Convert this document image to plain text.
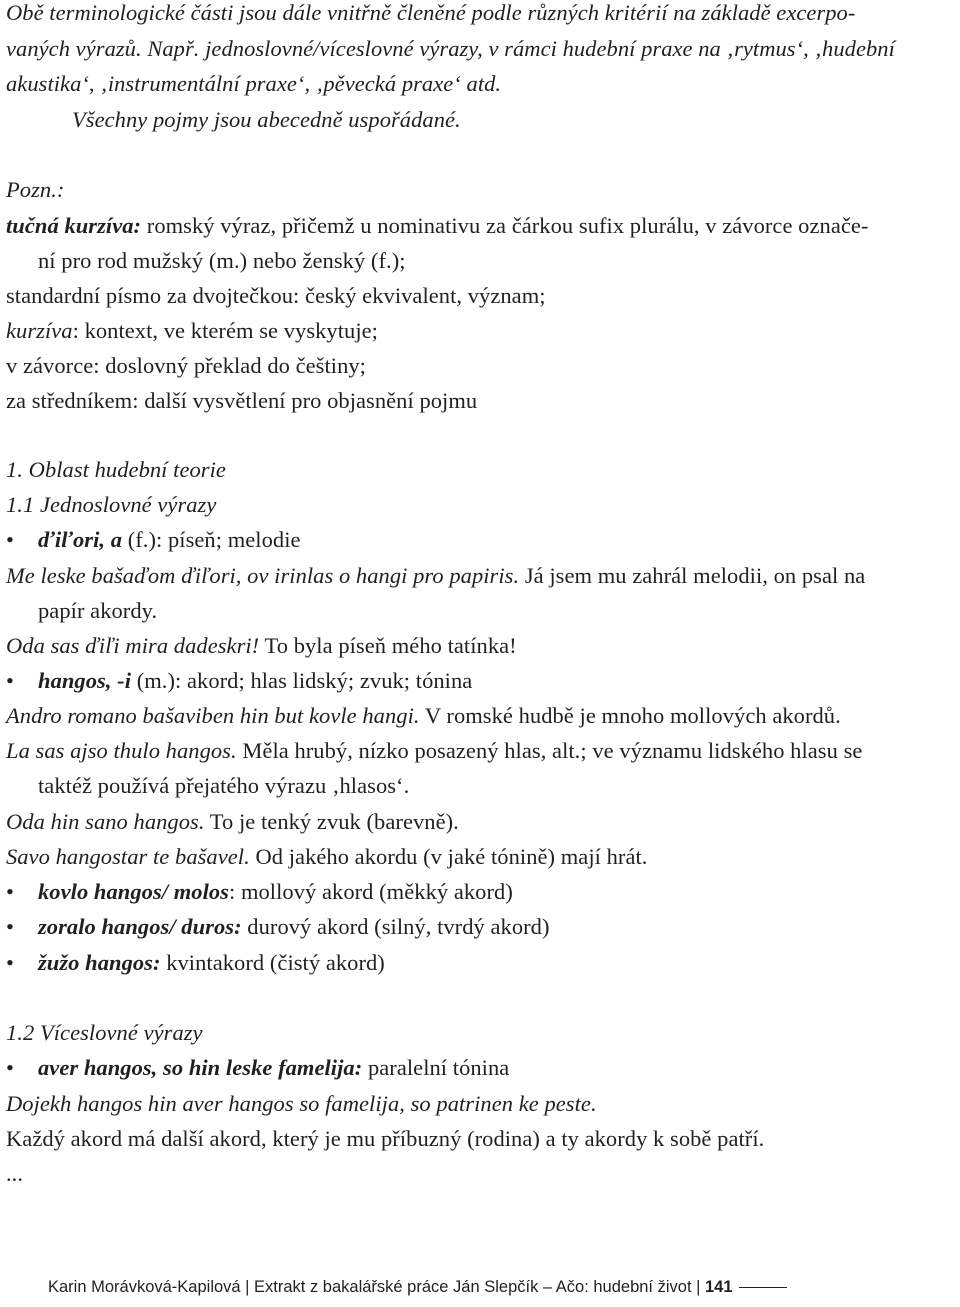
Obě terminologické části jsou dále vnitřně členěné podle různých kritérií na základě excerpo-
vaných výrazů. Např. jednoslovné/víceslovné výrazy, v rámci hudební praxe na ‚rytmus‘, ‚hudební
akustika‘, ‚instrumentální praxe‘, ‚pěvecká praxe‘ atd.
Všechny pojmy jsou abecedně uspořádané.
Pozn.:
tučná kurzíva: romský výraz, přičemž u nominativu za čárkou sufix plurálu, v závorce označe-
ní pro rod mužský (m.) nebo ženský (f.);
standardní písmo za dvojtečkou: český ekvivalent, význam;
kurzíva: kontext, ve kterém se vyskytuje;
v závorce: doslovný překlad do češtiny;
za středníkem: další vysvětlení pro objasnění pojmu
1. Oblast hudební teorie
1.1 Jednoslovné výrazy
• ďiľori, a (f.): píseň; melodie
Me leske bašaďom ďiľori, ov irinlas o hangi pro papiris. Já jsem mu zahrál melodii, on psal na
papír akordy.
Oda sas ďiľi mira dadeskri! To byla píseň mého tatínka!
• hangos, -i (m.): akord; hlas lidský; zvuk; tónina
Andro romano bašaviben hin but kovle hangi. V romské hudbě je mnoho mollových akordů.
La sas ajso thulo hangos. Měla hrubý, nízko posazený hlas, alt.; ve významu lidského hlasu se
taktéž používá přejatého výrazu ‚hlasos‘.
Oda hin sano hangos. To je tenký zvuk (barevně).
Savo hangostar te bašavel. Od jakého akordu (v jaké tónině) mají hrát.
• kovlo hangos/ molos: mollový akord (měkký akord)
• zoralo hangos/ duros: durový akord (silný, tvrdý akord)
• žužo hangos: kvintakord (čistý akord)
1.2 Víceslovné výrazy
• aver hangos, so hin leske famelija: paralelní tónina
Dojekh hangos hin aver hangos so famelija, so patrinen ke peste.
Každý akord má další akord, který je mu příbuzný (rodina) a ty akordy k sobě patří.
...
Karin Morávková-Kapilová | Extrakt z bakalářské práce Ján Slepčík – Ačo: hudební život | 141
